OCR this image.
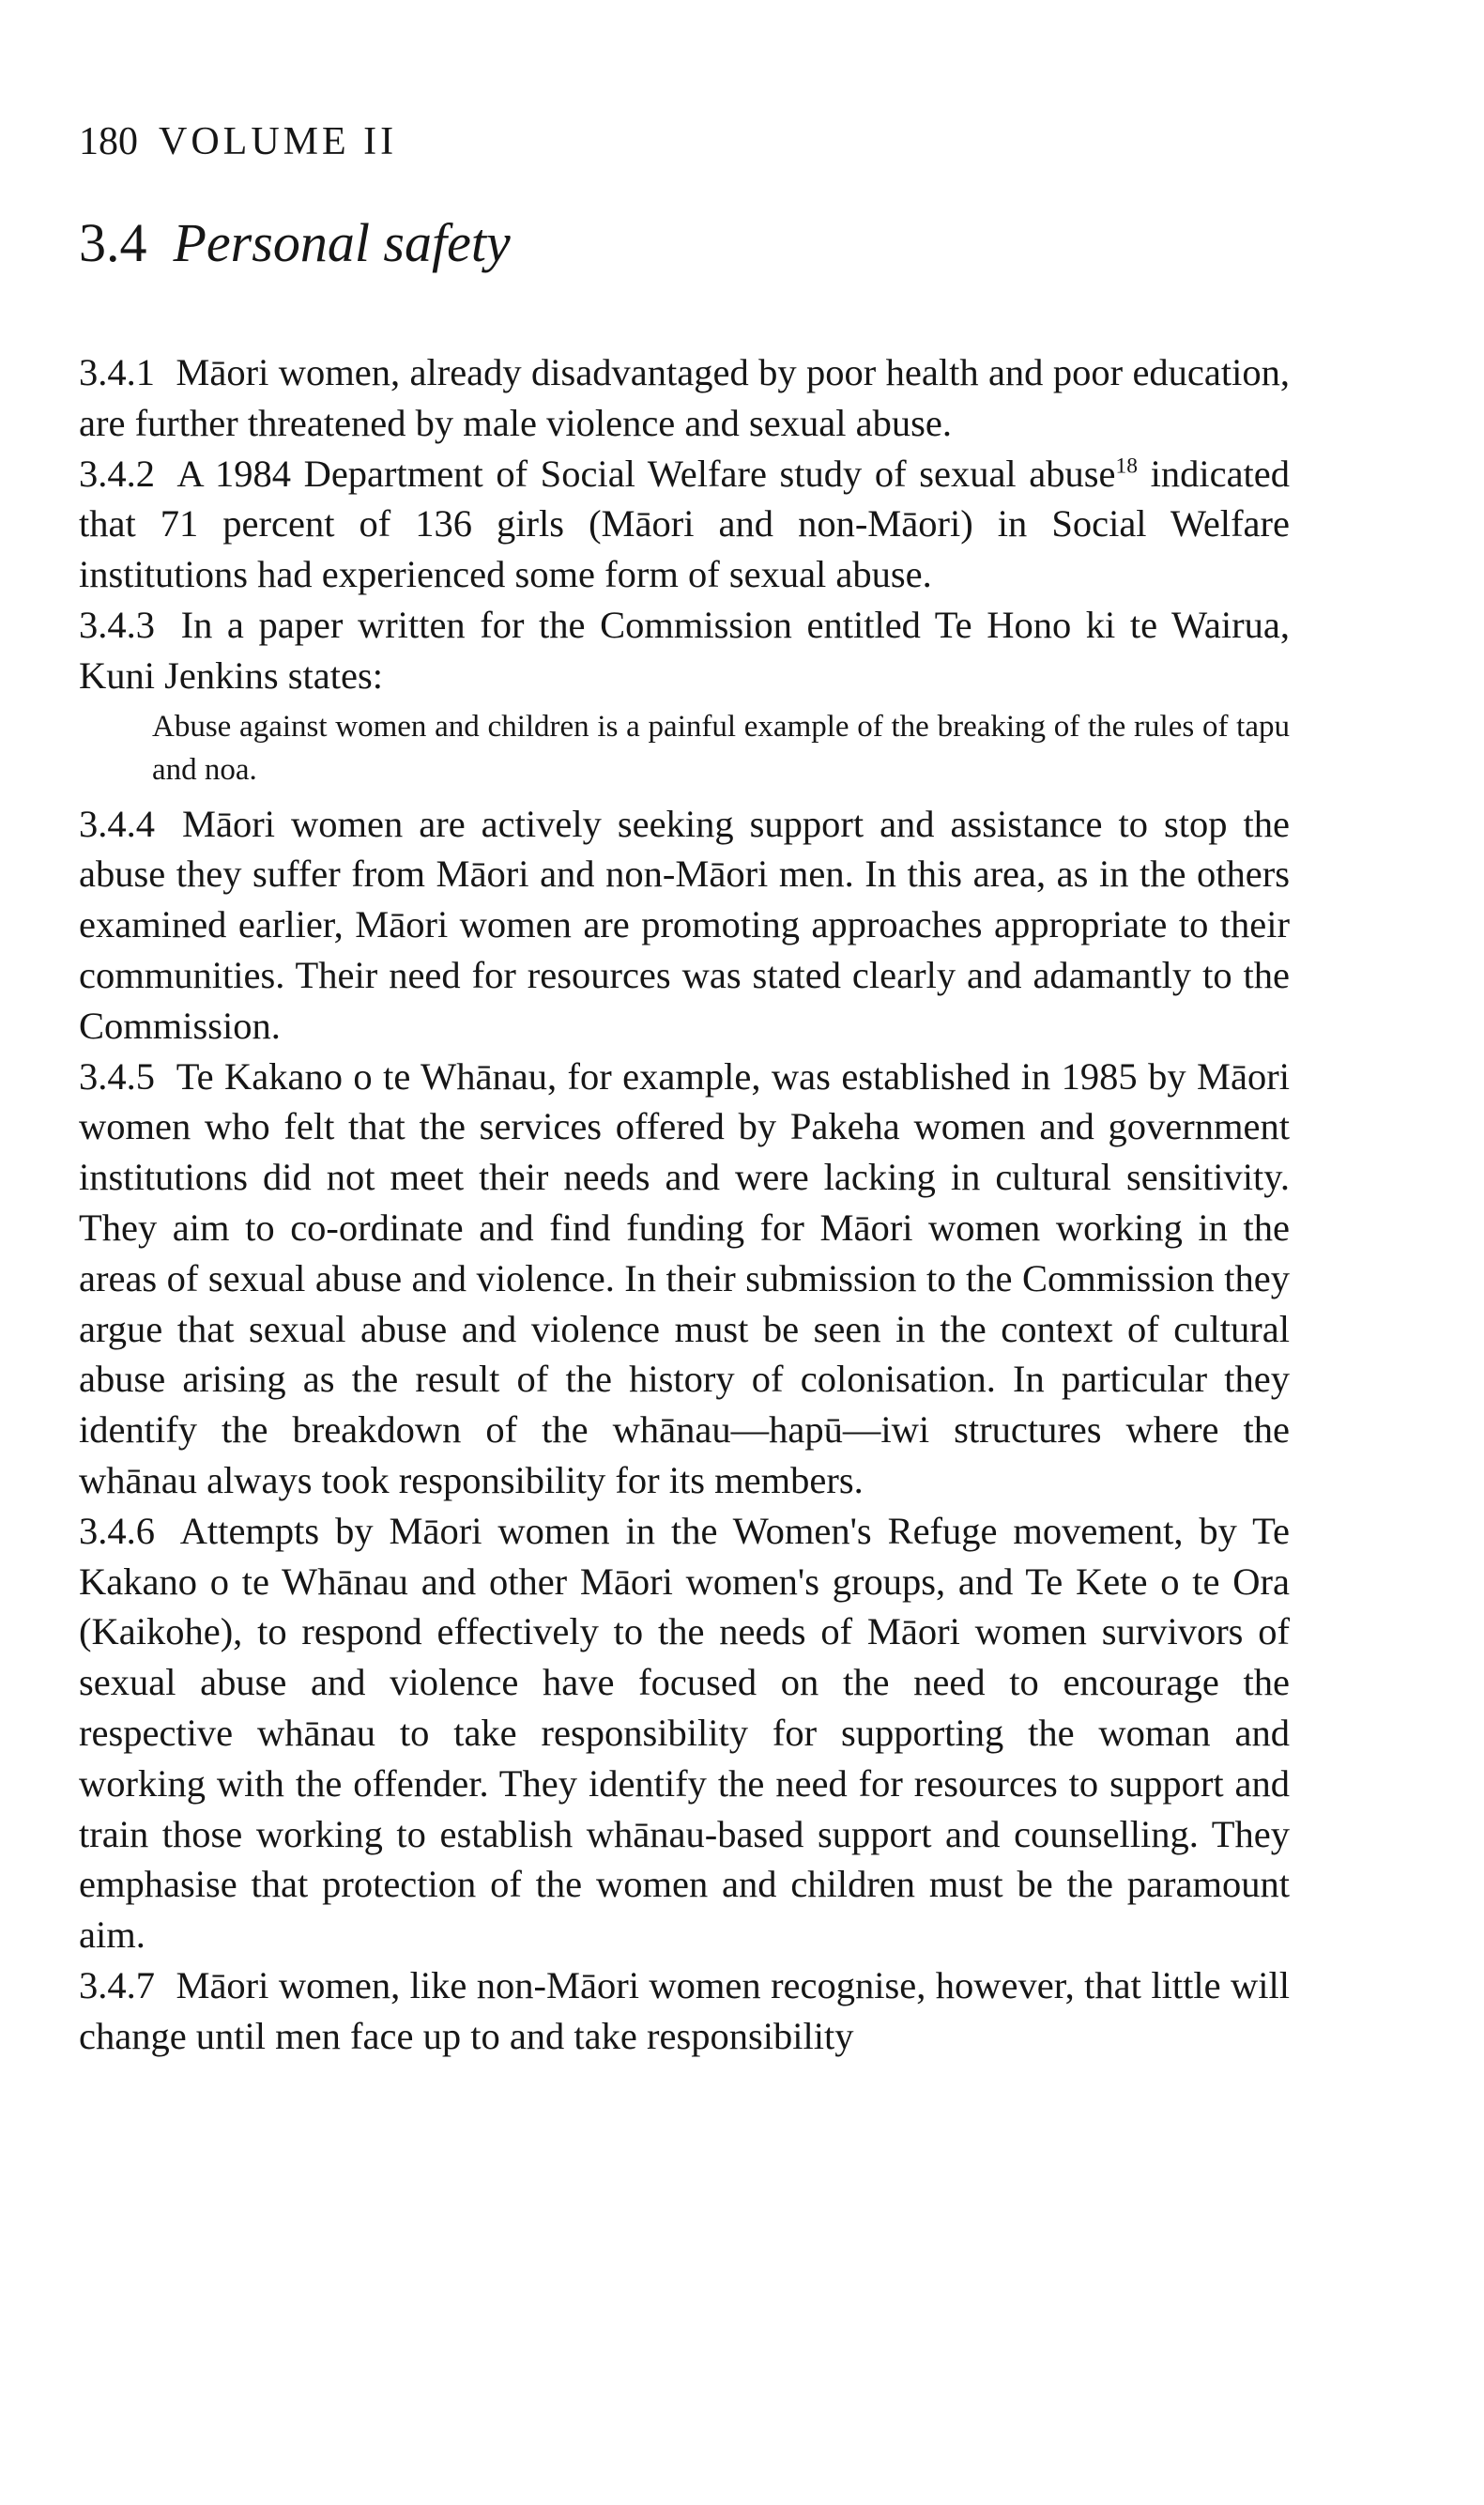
180 VOLUME II
3.4 Personal safety

3.4.1 Māori women, already disadvantaged by poor health and poor education, are further threatened by male violence and sexual abuse.

3.4.2 A 1984 Department of Social Welfare study of sexual abuse$^{18}$ indicated that 71 percent of 136 girls (Māori and non-Māori) in Social Welfare institutions had experienced some form of sexual abuse.

3.4.3 In a paper written for the Commission entitled Te Hono ki te Wairua, Kuni Jenkins states:

Abuse against women and children is a painful example of the breaking of the rules of tapu and noa.

3.4.4 Māori women are actively seeking support and assistance to stop the abuse they suffer from Māori and non-Māori men. In this area, as in the others examined earlier, Māori women are promoting approaches appropriate to their communities. Their need for resources was stated clearly and adamantly to the Commission.

3.4.5 Te Kakano o te Whānau, for example, was established in 1985 by Māori women who felt that the services offered by Pakeha women and government institutions did not meet their needs and were lacking in cultural sensitivity. They aim to co-ordinate and find funding for Māori women working in the areas of sexual abuse and violence. In their submission to the Commission they argue that sexual abuse and violence must be seen in the context of cultural abuse arising as the result of the history of colonisation. In particular they identify the breakdown of the whānau—hapū—iwi structures where the whānau always took responsibility for its members.

3.4.6 Attempts by Māori women in the Women's Refuge movement, by Te Kakano o te Whānau and other Māori women's groups, and Te Kete o te Ora (Kaikohe), to respond effectively to the needs of Māori women survivors of sexual abuse and violence have focused on the need to encourage the respective whānau to take responsibility for supporting the woman and working with the offender. They identify the need for resources to support and train those working to establish whānau-based support and counselling. They emphasise that protection of the women and children must be the paramount aim.

3.4.7 Māori women, like non-Māori women recognise, however, that little will change until men face up to and take responsibility
